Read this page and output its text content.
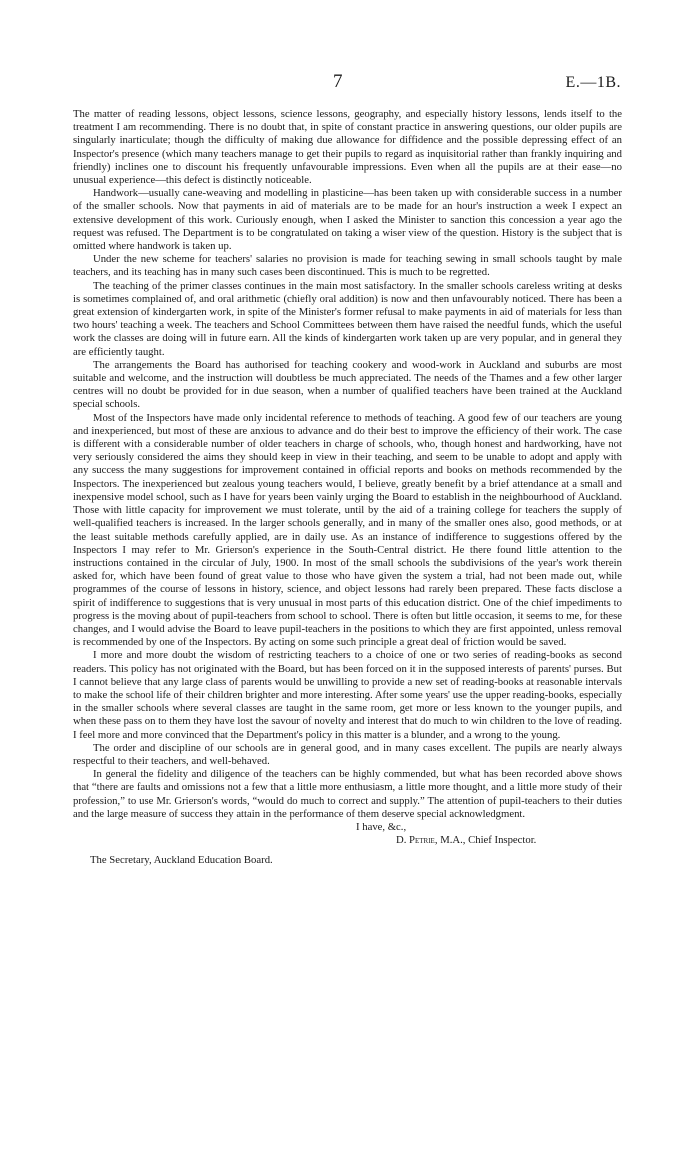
7	E.—1B.

The matter of reading lessons, object lessons, science lessons, geography, and especially history lessons, lends itself to the treatment I am recommending. There is no doubt that, in spite of constant practice in answering questions, our older pupils are singularly inarticulate; though the difficulty of making due allowance for diffidence and the possible depressing effect of an Inspector's presence (which many teachers manage to get their pupils to regard as inquisitorial rather than frankly inquiring and friendly) inclines one to discount his frequently unfavourable impressions. Even when all the pupils are at their ease—no unusual experience—this defect is distinctly noticeable.

Handwork—usually cane-weaving and modelling in plasticine—has been taken up with considerable success in a number of the smaller schools. Now that payments in aid of materials are to be made for an hour's instruction a week I expect an extensive development of this work. Curiously enough, when I asked the Minister to sanction this concession a year ago the request was refused. The Department is to be congratulated on taking a wiser view of the question. History is the subject that is omitted where handwork is taken up.

Under the new scheme for teachers' salaries no provision is made for teaching sewing in small schools taught by male teachers, and its teaching has in many such cases been discontinued. This is much to be regretted.

The teaching of the primer classes continues in the main most satisfactory. In the smaller schools careless writing at desks is sometimes complained of, and oral arithmetic (chiefly oral addition) is now and then unfavourably noticed. There has been a great extension of kindergarten work, in spite of the Minister's former refusal to make payments in aid of materials for less than two hours' teaching a week. The teachers and School Committees between them have raised the needful funds, which the useful work the classes are doing will in future earn. All the kinds of kindergarten work taken up are very popular, and in general they are efficiently taught.

The arrangements the Board has authorised for teaching cookery and wood-work in Auckland and suburbs are most suitable and welcome, and the instruction will doubtless be much appreciated. The needs of the Thames and a few other larger centres will no doubt be provided for in due season, when a number of qualified teachers have been trained at the Auckland special schools.

Most of the Inspectors have made only incidental reference to methods of teaching. A good few of our teachers are young and inexperienced, but most of these are anxious to advance and do their best to improve the efficiency of their work. The case is different with a considerable number of older teachers in charge of schools, who, though honest and hardworking, have not very seriously considered the aims they should keep in view in their teaching, and seem to be unable to adopt and apply with any success the many suggestions for improvement contained in official reports and books on methods recommended by the Inspectors. The inexperienced but zealous young teachers would, I believe, greatly benefit by a brief attendance at a small and inexpensive model school, such as I have for years been vainly urging the Board to establish in the neighbourhood of Auckland. Those with little capacity for improvement we must tolerate, until by the aid of a training college for teachers the supply of well-qualified teachers is increased. In the larger schools generally, and in many of the smaller ones also, good methods, or at the least suitable methods carefully applied, are in daily use. As an instance of indifference to suggestions offered by the Inspectors I may refer to Mr. Grierson's experience in the South-Central district. He there found little attention to the instructions contained in the circular of July, 1900. In most of the small schools the subdivisions of the year's work therein asked for, which have been found of great value to those who have given the system a trial, had not been made out, while programmes of the course of lessons in history, science, and object lessons had rarely been prepared. These facts disclose a spirit of indifference to suggestions that is very unusual in most parts of this education district. One of the chief impediments to progress is the moving about of pupil-teachers from school to school. There is often but little occasion, it seems to me, for these changes, and I would advise the Board to leave pupil-teachers in the positions to which they are first appointed, unless removal is recommended by one of the Inspectors. By acting on some such principle a great deal of friction would be saved.

I more and more doubt the wisdom of restricting teachers to a choice of one or two series of reading-books as second readers. This policy has not originated with the Board, but has been forced on it in the supposed interests of parents' purses. But I cannot believe that any large class of parents would be unwilling to provide a new set of reading-books at reasonable intervals to make the school life of their children brighter and more interesting. After some years' use the upper reading-books, especially in the smaller schools where several classes are taught in the same room, get more or less known to the younger pupils, and when these pass on to them they have lost the savour of novelty and interest that do much to win children to the love of reading. I feel more and more convinced that the Department's policy in this matter is a blunder, and a wrong to the young.

The order and discipline of our schools are in general good, and in many cases excellent. The pupils are nearly always respectful to their teachers, and well-behaved.

In general the fidelity and diligence of the teachers can be highly commended, but what has been recorded above shows that “there are faults and omissions not a few that a little more enthusiasm, a little more thought, and a little more study of their profession,” to use Mr. Grierson's words, “would do much to correct and supply.” The attention of pupil-teachers to their duties and the large measure of success they attain in the performance of them deserve special acknowledgment.

I have, &c.,
D. Petrie, M.A., Chief Inspector.
The Secretary, Auckland Education Board.
